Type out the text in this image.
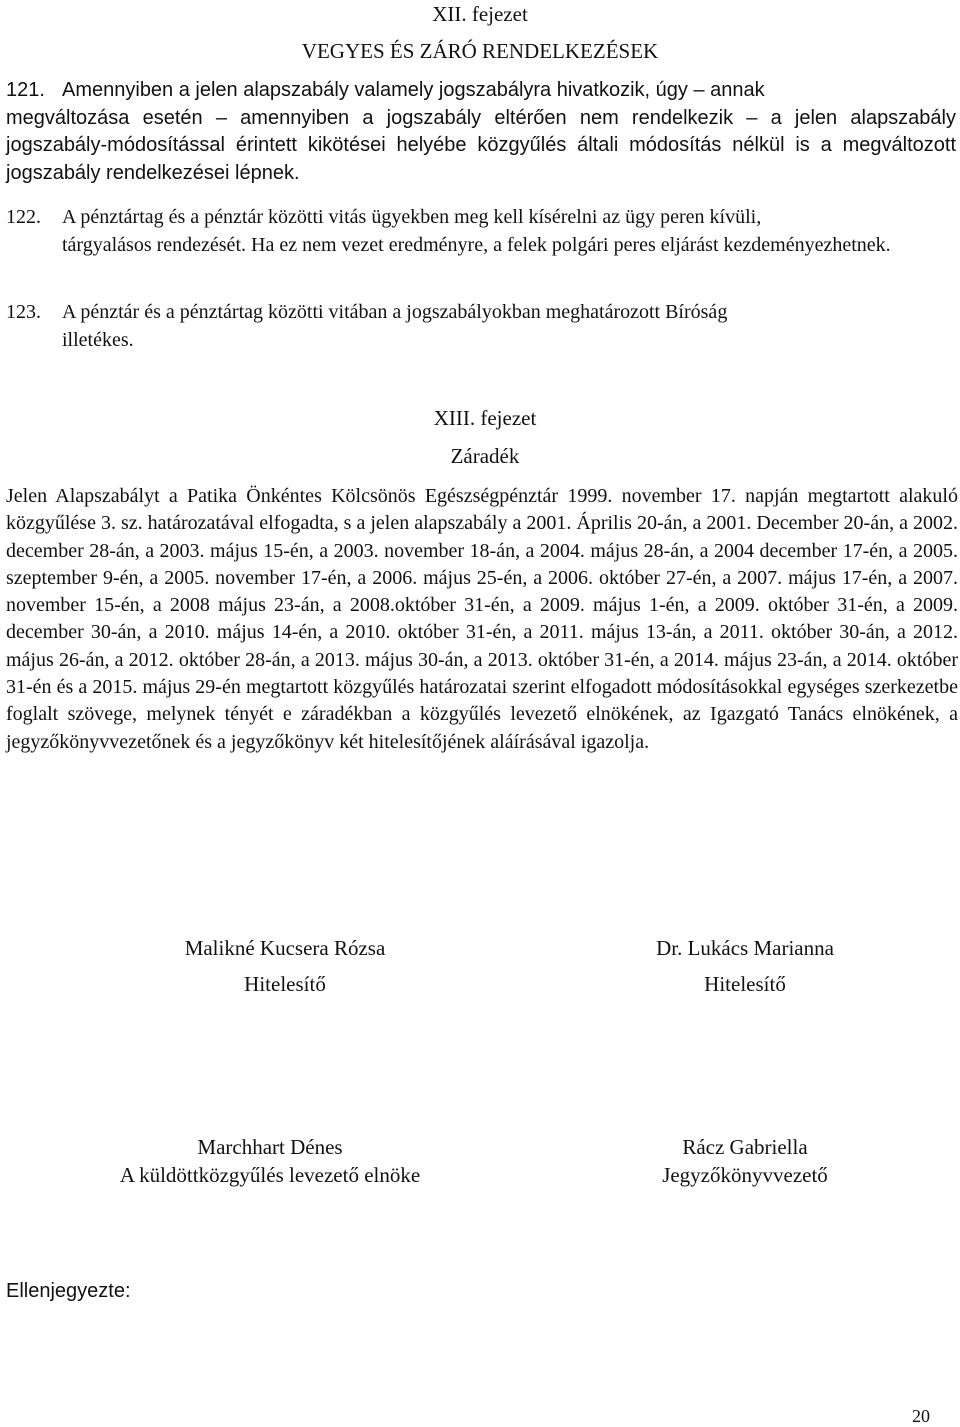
XII. fejezet
VEGYES ÉS ZÁRÓ RENDELKEZÉSEK

121. Amennyiben a jelen alapszabály valamely jogszabályra hivatkozik, úgy – annak

megváltozása esetén – amennyiben a jogszabály eltérően nem rendelkezik – a jelen alapszabály jogszabály-módosítással érintett kikötései helyébe közgyűlés általi módosítás nélkül is a megváltozott jogszabály rendelkezései lépnek.

122. A pénztártag és a pénztár közötti vitás ügyekben meg kell kísérelni az ügy peren kívüli,

tárgyalásos rendezését. Ha ez nem vezet eredményre, a felek polgári peres eljárást kezdeményezhetnek.

123. A pénztár és a pénztártag közötti vitában a jogszabályokban meghatározott Bíróság

illetékes.

XIII. fejezet
Záradék
Jelen Alapszabályt a Patika Önkéntes Kölcsönös Egészségpénztár 1999. november 17. napján megtartott alakuló közgyűlése 3. sz. határozatával elfogadta, s a jelen alapszabály a 2001. Április 20-án, a 2001. December 20-án, a 2002. december 28-án, a 2003. május 15-én, a 2003. november 18-án, a 2004. május 28-án, a 2004 december 17-én, a 2005. szeptember 9-én, a 2005. november 17-én, a 2006. május 25-én, a 2006. október 27-én, a 2007. május 17-én, a 2007. november 15-én, a 2008 május 23-án, a 2008.október 31-én, a 2009. május 1-én, a 2009. október 31-én, a 2009. december 30-án, a 2010. május 14-én, a 2010. október 31-én, a 2011. május 13-án, a 2011. október 30-án, a 2012. május 26-án, a 2012. október 28-án, a 2013. május 30-án, a 2013. október 31-én, a 2014. május 23-án, a 2014. október 31-én és a 2015. május 29-én megtartott közgyűlés határozatai szerint elfogadott módosításokkal egységes szerkezetbe foglalt szövege, melynek tényét e záradékban a közgyűlés levezető elnökének, az Igazgató Tanács elnökének, a jegyzőkönyvvezetőnek és a jegyzőkönyv két hitelesítőjének aláírásával igazolja.
Malikné Kucsera Rózsa
Hitelesítő
Dr. Lukács Marianna
Hitelesítő
Marchhart Dénes
A küldöttközgyűlés levezető elnöke
Rácz Gabriella
Jegyzőkönyvvezető
Ellenjegyezte:
20
